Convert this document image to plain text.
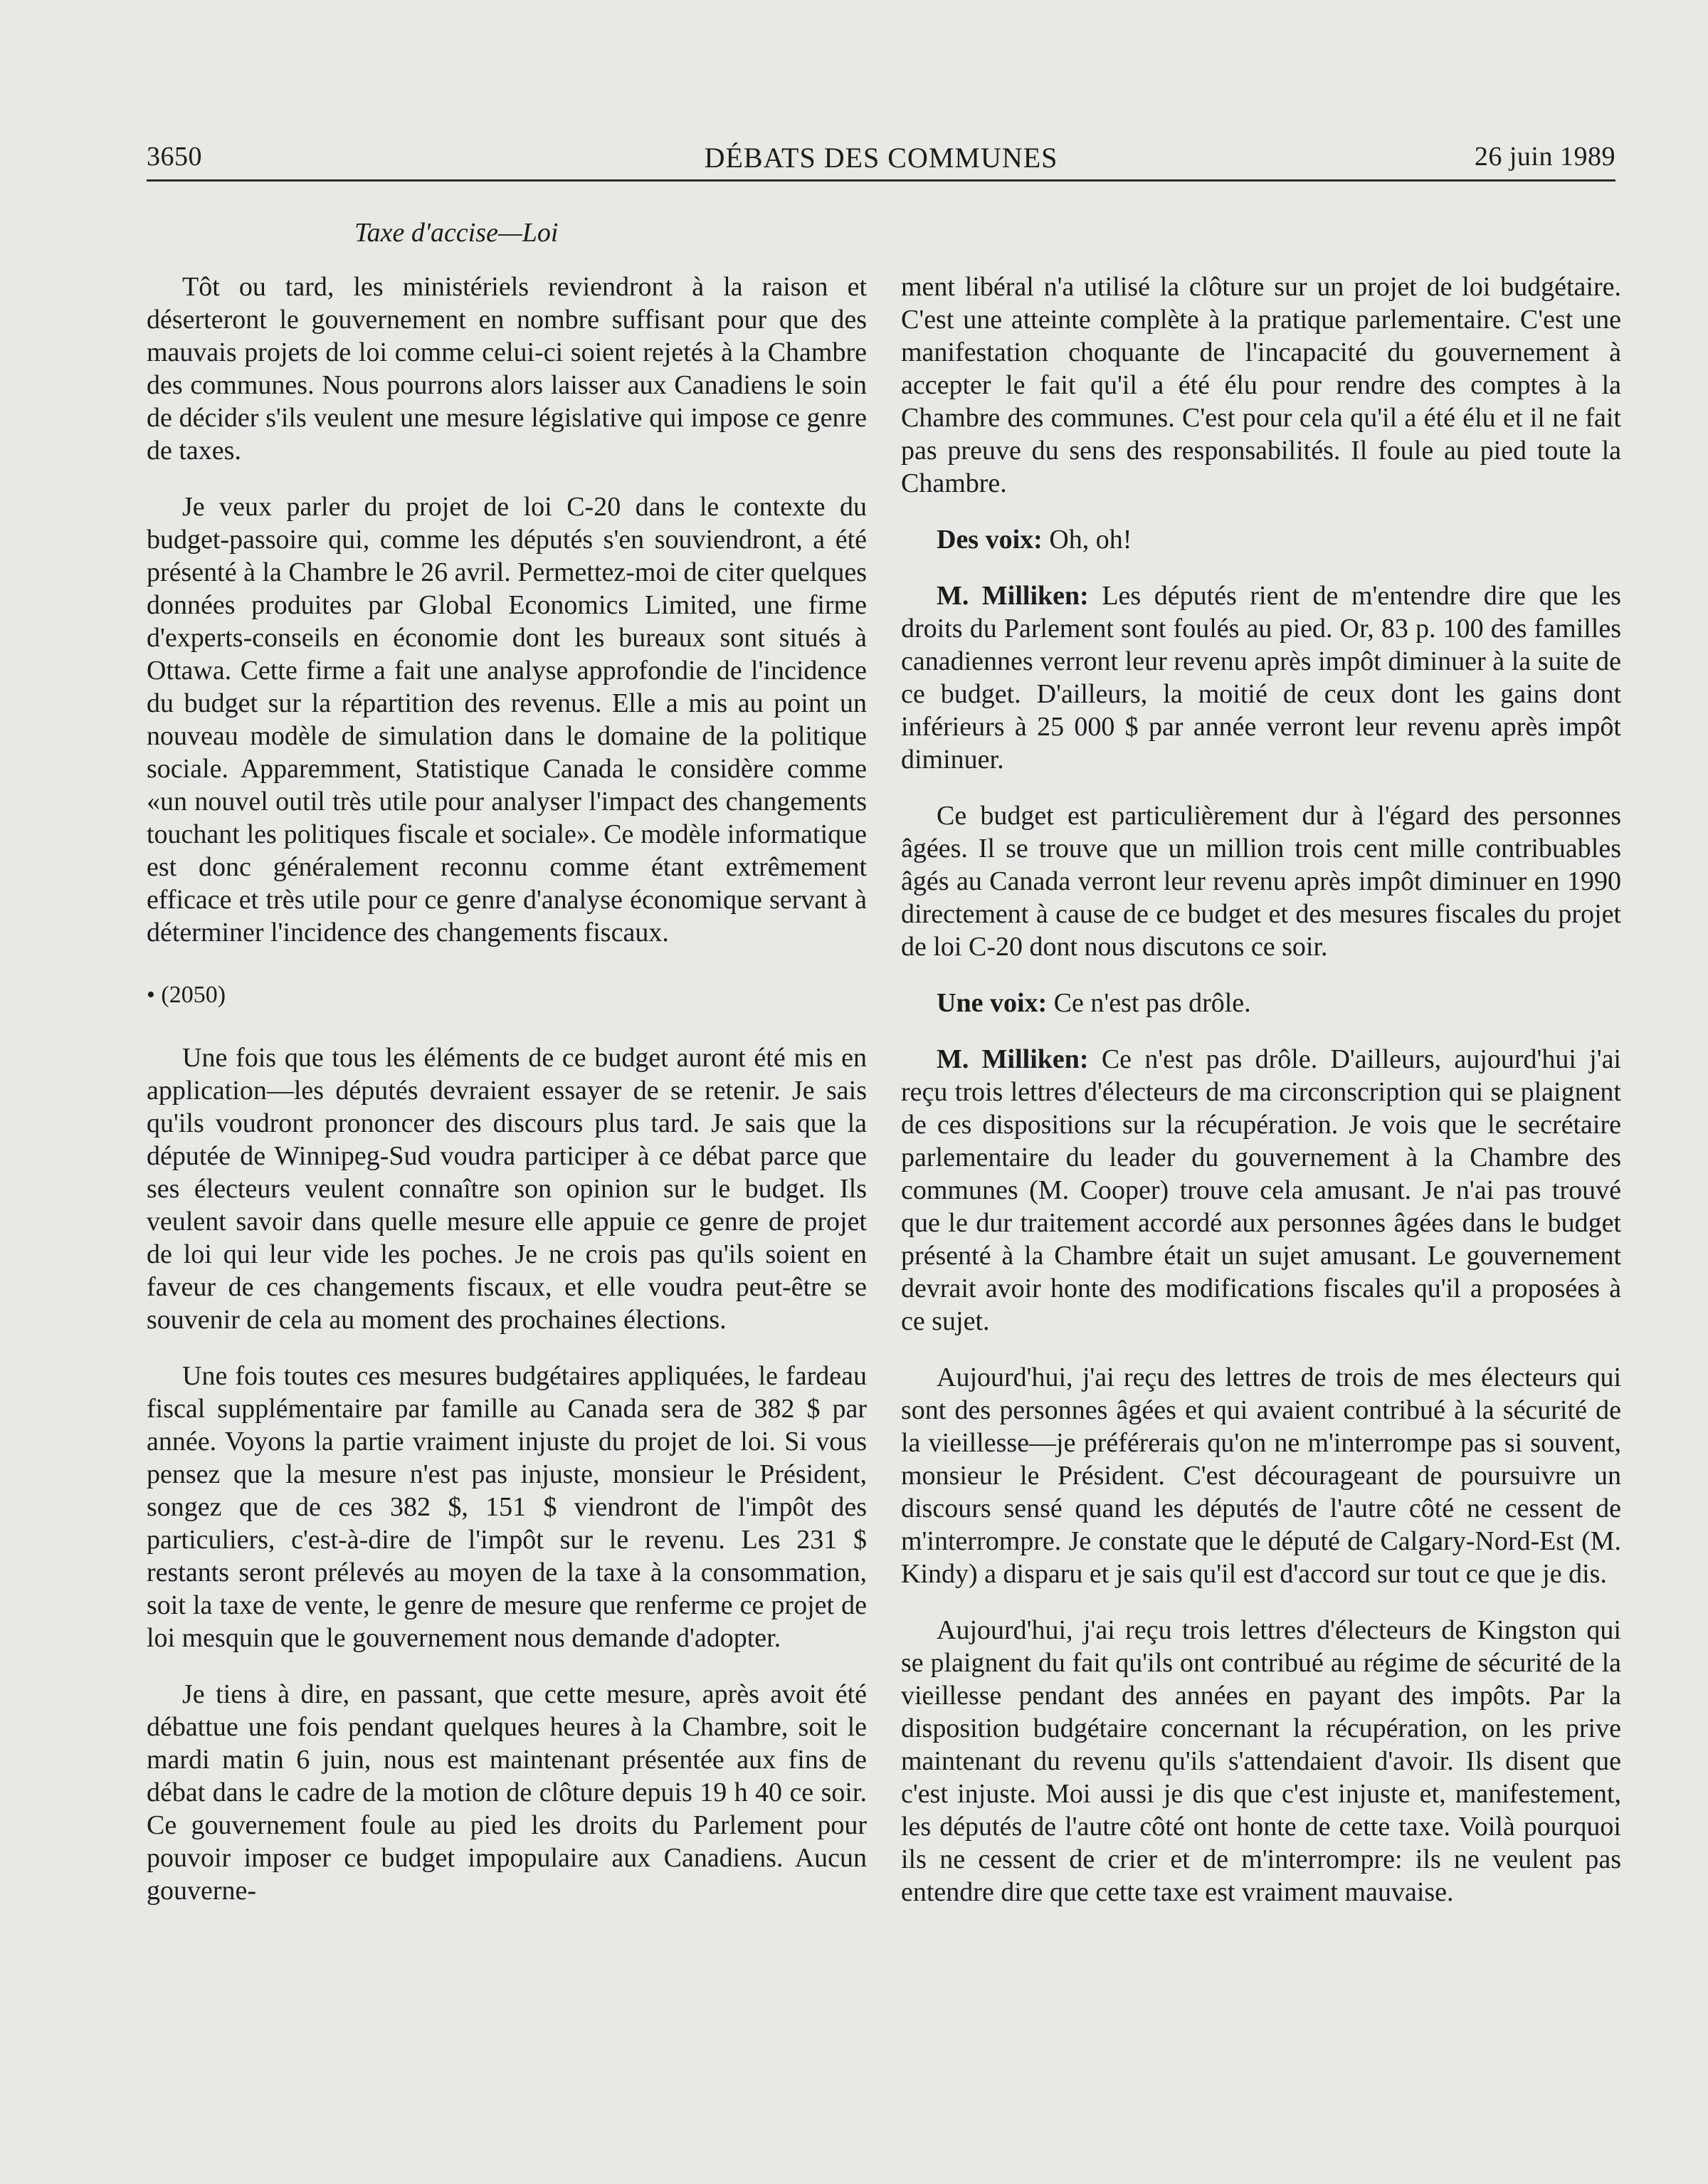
3650	DÉBATS DES COMMUNES	26 juin 1989
Taxe d'accise—Loi

Tôt ou tard, les ministériels reviendront à la raison et déserteront le gouvernement en nombre suffisant pour que des mauvais projets de loi comme celui-ci soient rejetés à la Chambre des communes. Nous pourrons alors laisser aux Canadiens le soin de décider s'ils veulent une mesure législative qui impose ce genre de taxes.

Je veux parler du projet de loi C-20 dans le contexte du budget-passoire qui, comme les députés s'en souviendront, a été présenté à la Chambre le 26 avril. Permettez-moi de citer quelques données produites par Global Economics Limited, une firme d'experts-conseils en économie dont les bureaux sont situés à Ottawa. Cette firme a fait une analyse approfondie de l'incidence du budget sur la répartition des revenus. Elle a mis au point un nouveau modèle de simulation dans le domaine de la politique sociale. Apparemment, Statistique Canada le considère comme «un nouvel outil très utile pour analyser l'impact des changements touchant les politiques fiscale et sociale». Ce modèle informatique est donc généralement reconnu comme étant extrêmement efficace et très utile pour ce genre d'analyse économique servant à déterminer l'incidence des changements fiscaux.

• (2050)

Une fois que tous les éléments de ce budget auront été mis en application—les députés devraient essayer de se retenir. Je sais qu'ils voudront prononcer des discours plus tard. Je sais que la députée de Winnipeg-Sud voudra participer à ce débat parce que ses électeurs veulent connaître son opinion sur le budget. Ils veulent savoir dans quelle mesure elle appuie ce genre de projet de loi qui leur vide les poches. Je ne crois pas qu'ils soient en faveur de ces changements fiscaux, et elle voudra peut-être se souvenir de cela au moment des prochaines élections.

Une fois toutes ces mesures budgétaires appliquées, le fardeau fiscal supplémentaire par famille au Canada sera de 382 $ par année. Voyons la partie vraiment injuste du projet de loi. Si vous pensez que la mesure n'est pas injuste, monsieur le Président, songez que de ces 382 $, 151 $ viendront de l'impôt des particuliers, c'est-à-dire de l'impôt sur le revenu. Les 231 $ restants seront prélevés au moyen de la taxe à la consommation, soit la taxe de vente, le genre de mesure que renferme ce projet de loi mesquin que le gouvernement nous demande d'adopter.

Je tiens à dire, en passant, que cette mesure, après avoit été débattue une fois pendant quelques heures à la Chambre, soit le mardi matin 6 juin, nous est maintenant présentée aux fins de débat dans le cadre de la motion de clôture depuis 19 h 40 ce soir. Ce gouvernement foule au pied les droits du Parlement pour pouvoir imposer ce budget impopulaire aux Canadiens. Aucun gouverne-

ment libéral n'a utilisé la clôture sur un projet de loi budgétaire. C'est une atteinte complète à la pratique parlementaire. C'est une manifestation choquante de l'incapacité du gouvernement à accepter le fait qu'il a été élu pour rendre des comptes à la Chambre des communes. C'est pour cela qu'il a été élu et il ne fait pas preuve du sens des responsabilités. Il foule au pied toute la Chambre.

Des voix: Oh, oh!

M. Milliken: Les députés rient de m'entendre dire que les droits du Parlement sont foulés au pied. Or, 83 p. 100 des familles canadiennes verront leur revenu après impôt diminuer à la suite de ce budget. D'ailleurs, la moitié de ceux dont les gains dont inférieurs à 25 000 $ par année verront leur revenu après impôt diminuer.

Ce budget est particulièrement dur à l'égard des personnes âgées. Il se trouve que un million trois cent mille contribuables âgés au Canada verront leur revenu après impôt diminuer en 1990 directement à cause de ce budget et des mesures fiscales du projet de loi C-20 dont nous discutons ce soir.

Une voix: Ce n'est pas drôle.

M. Milliken: Ce n'est pas drôle. D'ailleurs, aujourd'hui j'ai reçu trois lettres d'électeurs de ma circonscription qui se plaignent de ces dispositions sur la récupération. Je vois que le secrétaire parlementaire du leader du gouvernement à la Chambre des communes (M. Cooper) trouve cela amusant. Je n'ai pas trouvé que le dur traitement accordé aux personnes âgées dans le budget présenté à la Chambre était un sujet amusant. Le gouvernement devrait avoir honte des modifications fiscales qu'il a proposées à ce sujet.

Aujourd'hui, j'ai reçu des lettres de trois de mes électeurs qui sont des personnes âgées et qui avaient contribué à la sécurité de la vieillesse—je préférerais qu'on ne m'interrompe pas si souvent, monsieur le Président. C'est décourageant de poursuivre un discours sensé quand les députés de l'autre côté ne cessent de m'interrompre. Je constate que le député de Calgary-Nord-Est (M. Kindy) a disparu et je sais qu'il est d'accord sur tout ce que je dis.

Aujourd'hui, j'ai reçu trois lettres d'électeurs de Kingston qui se plaignent du fait qu'ils ont contribué au régime de sécurité de la vieillesse pendant des années en payant des impôts. Par la disposition budgétaire concernant la récupération, on les prive maintenant du revenu qu'ils s'attendaient d'avoir. Ils disent que c'est injuste. Moi aussi je dis que c'est injuste et, manifestement, les députés de l'autre côté ont honte de cette taxe. Voilà pourquoi ils ne cessent de crier et de m'interrompre: ils ne veulent pas entendre dire que cette taxe est vraiment mauvaise.
